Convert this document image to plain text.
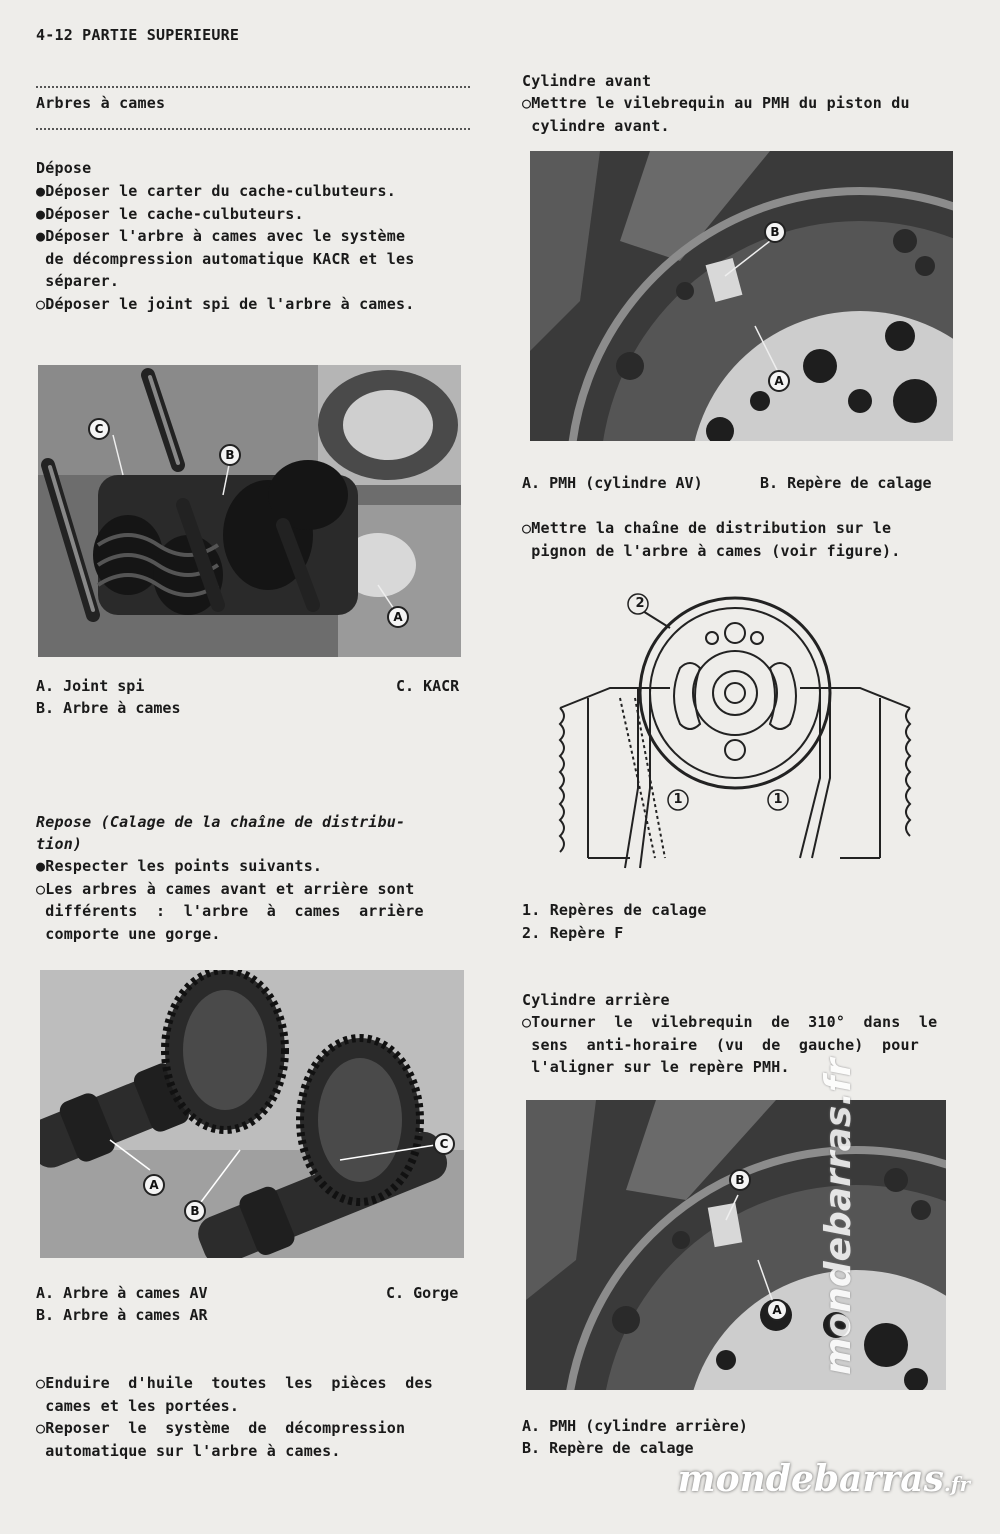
4-12 PARTIE SUPERIEURE
Arbres à cames
Dépose
●Déposer le carter du cache-culbuteurs.
●Déposer le cache-culbuteurs.
●Déposer l'arbre à cames avec le système
de décompression automatique KACR et les
séparer.
○Déposer le joint spi de l'arbre à cames.
C
B
A
A. Joint spi	C. KACR
B. Arbre à cames
Repose (Calage de la chaîne de distribu-
tion)
●Respecter les points suivants.
○Les arbres à cames avant et arrière sont
différents  :  l'arbre  à  cames  arrière
comporte une gorge.
A
B
C
A. Arbre à cames AV	C. Gorge
B. Arbre à cames AR
○Enduire  d'huile  toutes  les  pièces  des
cames et les portées.
○Reposer  le  système  de  décompression
automatique sur l'arbre à cames.
Cylindre avant
○Mettre le vilebrequin au PMH du piston du
cylindre avant.
B
A
A. PMH (cylindre AV)	B. Repère de calage
○Mettre la chaîne de distribution sur le
pignon de l'arbre à cames (voir figure).
2
1	1
1. Repères de calage
2. Repère F
Cylindre arrière
○Tourner  le  vilebrequin  de  310°  dans  le
sens  anti-horaire  (vu  de  gauche)  pour
l'aligner sur le repère PMH.
B
A
A. PMH (cylindre arrière)
B. Repère de calage
mondebarras.fr
